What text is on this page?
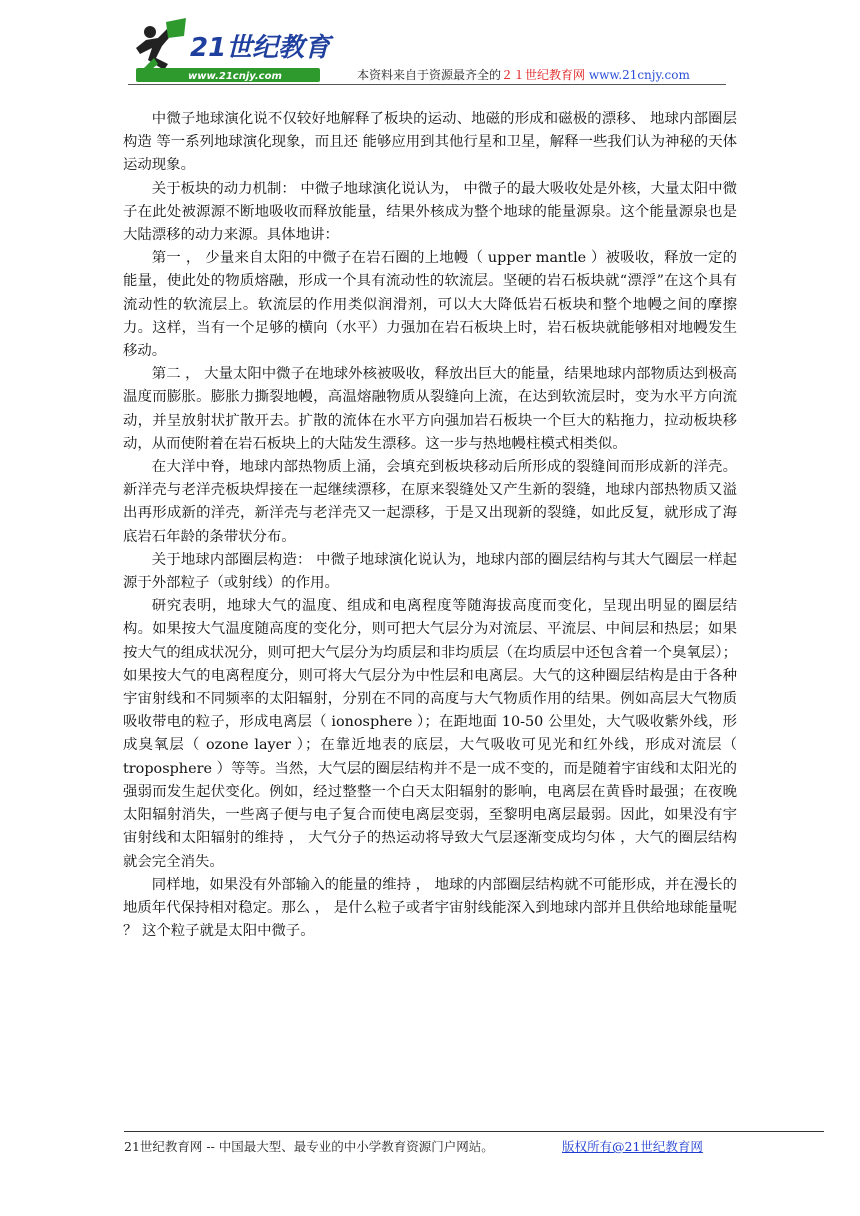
21世纪教育
www.21cnjy.com	本资料来自于资源最齐全的２１世纪教育网 www.21cnjy.com

中微子地球演化说不仅较好地解释了板块的运动、地磁的形成和磁极的漂移、 地球内部圈层构造 等一系列地球演化现象，而且还 能够应用到其他行星和卫星，解释一些我们认为神秘的天体运动现象。

关于板块的动力机制： 中微子地球演化说认为， 中微子的最大吸收处是外核，大量太阳中微子在此处被源源不断地吸收而释放能量，结果外核成为整个地球的能量源泉。这个能量源泉也是大陆漂移的动力来源。具体地讲：

第一 ， 少量来自太阳的中微子在岩石圈的上地幔（ upper mantle ）被吸收，释放一定的能量，使此处的物质熔融，形成一个具有流动性的软流层。坚硬的岩石板块就“漂浮”在这个具有流动性的软流层上。软流层的作用类似润滑剂，可以大大降低岩石板块和整个地幔之间的摩擦力。这样，当有一个足够的横向（水平）力强加在岩石板块上时，岩石板块就能够相对地幔发生移动。

第二 ， 大量太阳中微子在地球外核被吸收，释放出巨大的能量，结果地球内部物质达到极高温度而膨胀。膨胀力撕裂地幔，高温熔融物质从裂缝向上流，在达到软流层时，变为水平方向流动，并呈放射状扩散开去。扩散的流体在水平方向强加岩石板块一个巨大的粘拖力，拉动板块移动，从而使附着在岩石板块上的大陆发生漂移。这一步与热地幔柱模式相类似。

在大洋中脊，地球内部热物质上涌，会填充到板块移动后所形成的裂缝间而形成新的洋壳。新洋壳与老洋壳板块焊接在一起继续漂移，在原来裂缝处又产生新的裂缝，地球内部热物质又溢出再形成新的洋壳，新洋壳与老洋壳又一起漂移，于是又出现新的裂缝，如此反复，就形成了海底岩石年龄的条带状分布。

关于地球内部圈层构造： 中微子地球演化说认为，地球内部的圈层结构与其大气圈层一样起源于外部粒子（或射线）的作用。

研究表明，地球大气的温度、组成和电离程度等随海拔高度而变化，呈现出明显的圈层结构。如果按大气温度随高度的变化分，则可把大气层分为对流层、平流层、中间层和热层；如果按大气的组成状况分，则可把大气层分为均质层和非均质层（在均质层中还包含着一个臭氧层）；如果按大气的电离程度分，则可将大气层分为中性层和电离层。大气的这种圈层结构是由于各种宇宙射线和不同频率的太阳辐射，分别在不同的高度与大气物质作用的结果。例如高层大气物质吸收带电的粒子，形成电离层（ ionosphere ）；在距地面 10-50 公里处，大气吸收紫外线，形成臭氧层（ ozone layer ）；在靠近地表的底层，大气吸收可见光和红外线，形成对流层（ troposphere ）等等。当然，大气层的圈层结构并不是一成不变的，而是随着宇宙线和太阳光的强弱而发生起伏变化。例如，经过整整一个白天太阳辐射的影响，电离层在黄昏时最强；在夜晚太阳辐射消失，一些离子便与电子复合而使电离层变弱，至黎明电离层最弱。因此，如果没有宇宙射线和太阳辐射的维持 ， 大气分子的热运动将导致大气层逐渐变成均匀体 ，大气的圈层结构就会完全消失。

同样地，如果没有外部输入的能量的维持 ， 地球的内部圈层结构就不可能形成，并在漫长的地质年代保持相对稳定。那么 ， 是什么粒子或者宇宙射线能深入到地球内部并且供给地球能量呢 ？ 这个粒子就是太阳中微子。

21世纪教育网 -- 中国最大型、最专业的中小学教育资源门户网站。	版权所有@21世纪教育网
